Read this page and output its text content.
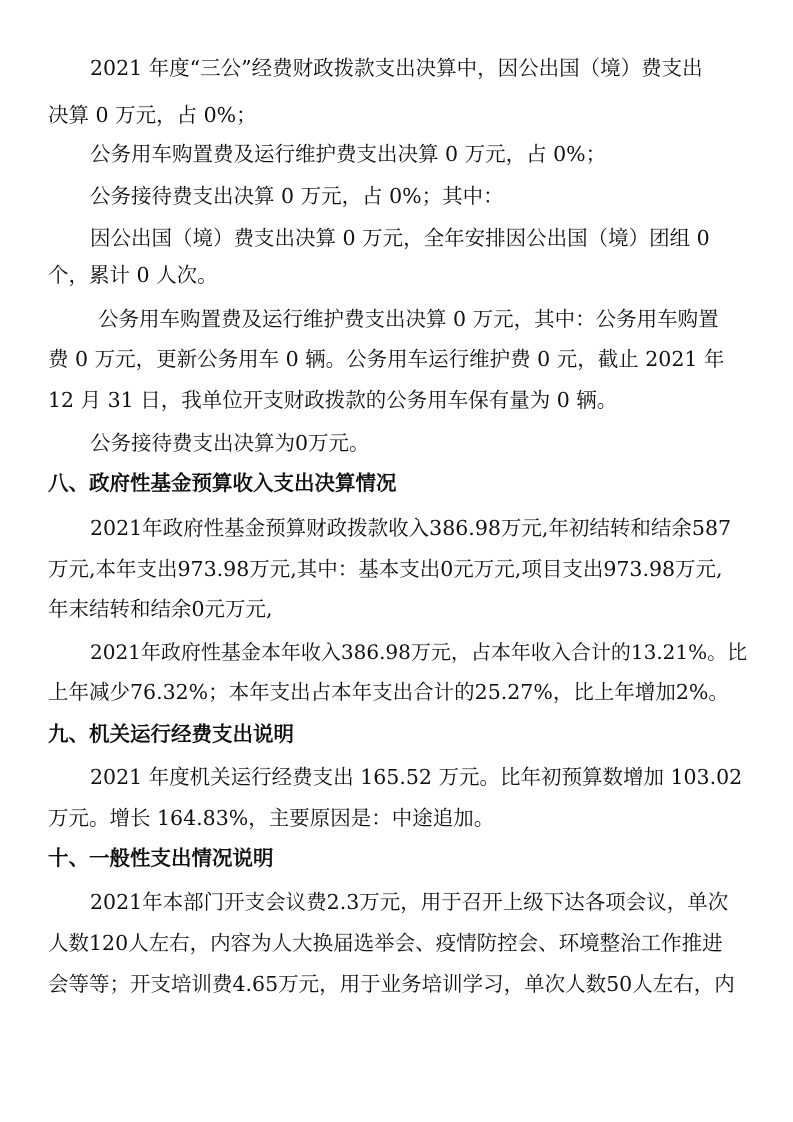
2021 年度“三公”经费财政拨款支出决算中，因公出国（境）费支出
决算 0 万元，占 0%；
公务用车购置费及运行维护费支出决算 0 万元，占 0%；
公务接待费支出决算 0 万元，占 0%；其中：
因公出国（境）费支出决算 0 万元，全年安排因公出国（境）团组 0
个，累计 0 人次。
公务用车购置费及运行维护费支出决算 0 万元，其中：公务用车购置
费 0 万元，更新公务用车 0 辆。公务用车运行维护费 0 元，截止 2021 年
12 月 31 日，我单位开支财政拨款的公务用车保有量为 0 辆。
公务接待费支出决算为0万元。
八、政府性基金预算收入支出决算情况
2021年政府性基金预算财政拨款收入386.98万元,年初结转和结余587
万元,本年支出973.98万元,其中：基本支出0元万元,项目支出973.98万元,
年末结转和结余0元万元,
2021年政府性基金本年收入386.98万元，占本年收入合计的13.21%。比
上年减少76.32%；本年支出占本年支出合计的25.27%，比上年增加2%。
九、机关运行经费支出说明
2021 年度机关运行经费支出 165.52 万元。比年初预算数增加 103.02
万元。增长 164.83%，主要原因是：中途追加。
十、一般性支出情况说明
2021年本部门开支会议费2.3万元，用于召开上级下达各项会议，单次
人数120人左右，内容为人大换届选举会、疫情防控会、环境整治工作推进
会等等；开支培训费4.65万元，用于业务培训学习，单次人数50人左右，内
